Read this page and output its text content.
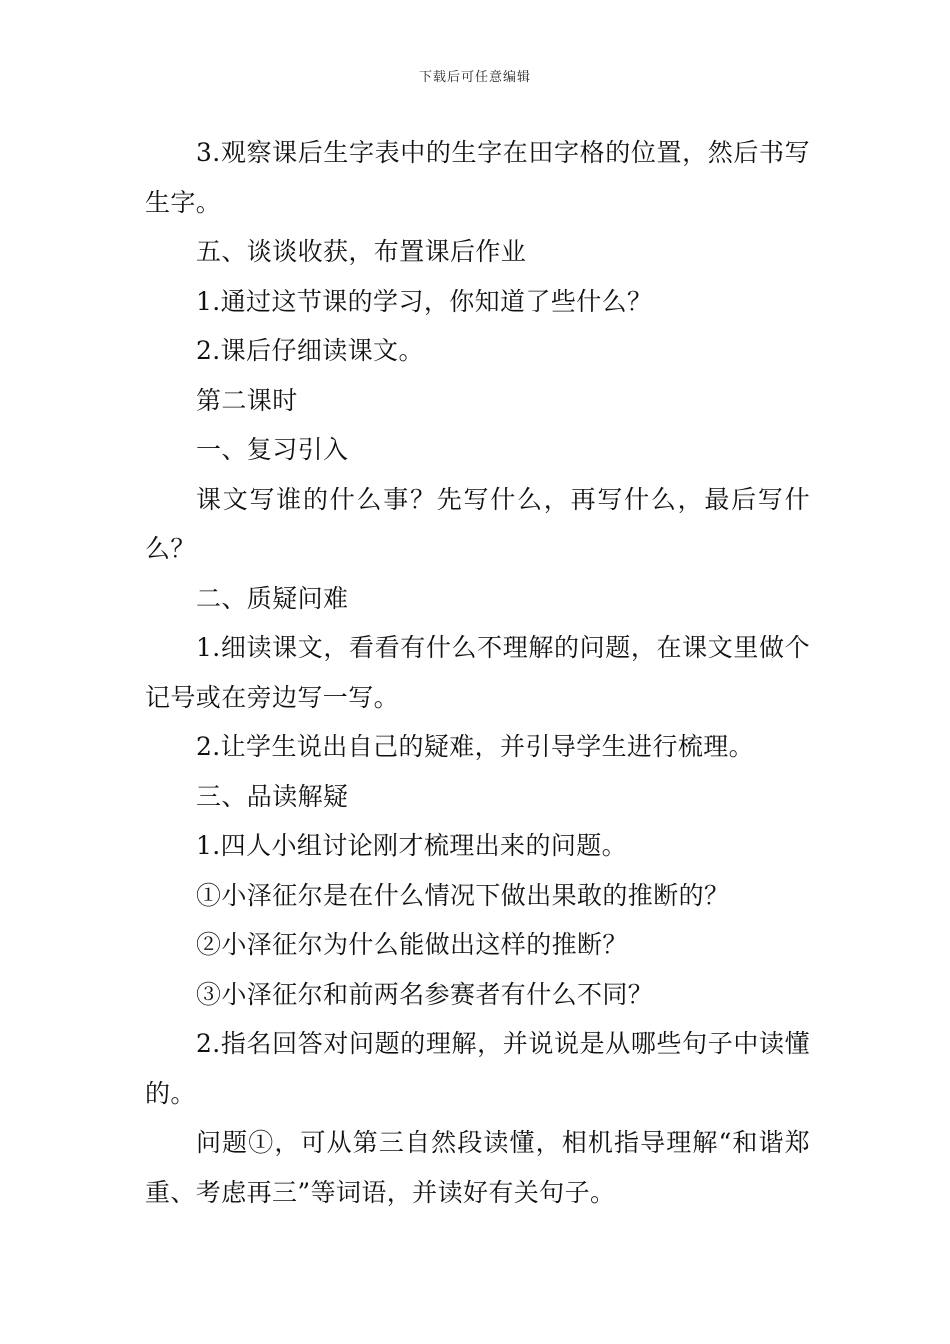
下载后可任意编辑

3.观察课后生字表中的生字在田字格的位置，然后书写生字。

五、谈谈收获，布置课后作业

1.通过这节课的学习，你知道了些什么？

2.课后仔细读课文。

第二课时

一、复习引入

课文写谁的什么事？先写什么，再写什么，最后写什么？

二、质疑问难

1.细读课文，看看有什么不理解的问题，在课文里做个记号或在旁边写一写。

2.让学生说出自己的疑难，并引导学生进行梳理。

三、品读解疑

1.四人小组讨论刚才梳理出来的问题。

①小泽征尔是在什么情况下做出果敢的推断的？

②小泽征尔为什么能做出这样的推断？

③小泽征尔和前两名参赛者有什么不同？

2.指名回答对问题的理解，并说说是从哪些句子中读懂的。

问题①，可从第三自然段读懂，相机指导理解“和谐郑重、考虑再三”等词语，并读好有关句子。
